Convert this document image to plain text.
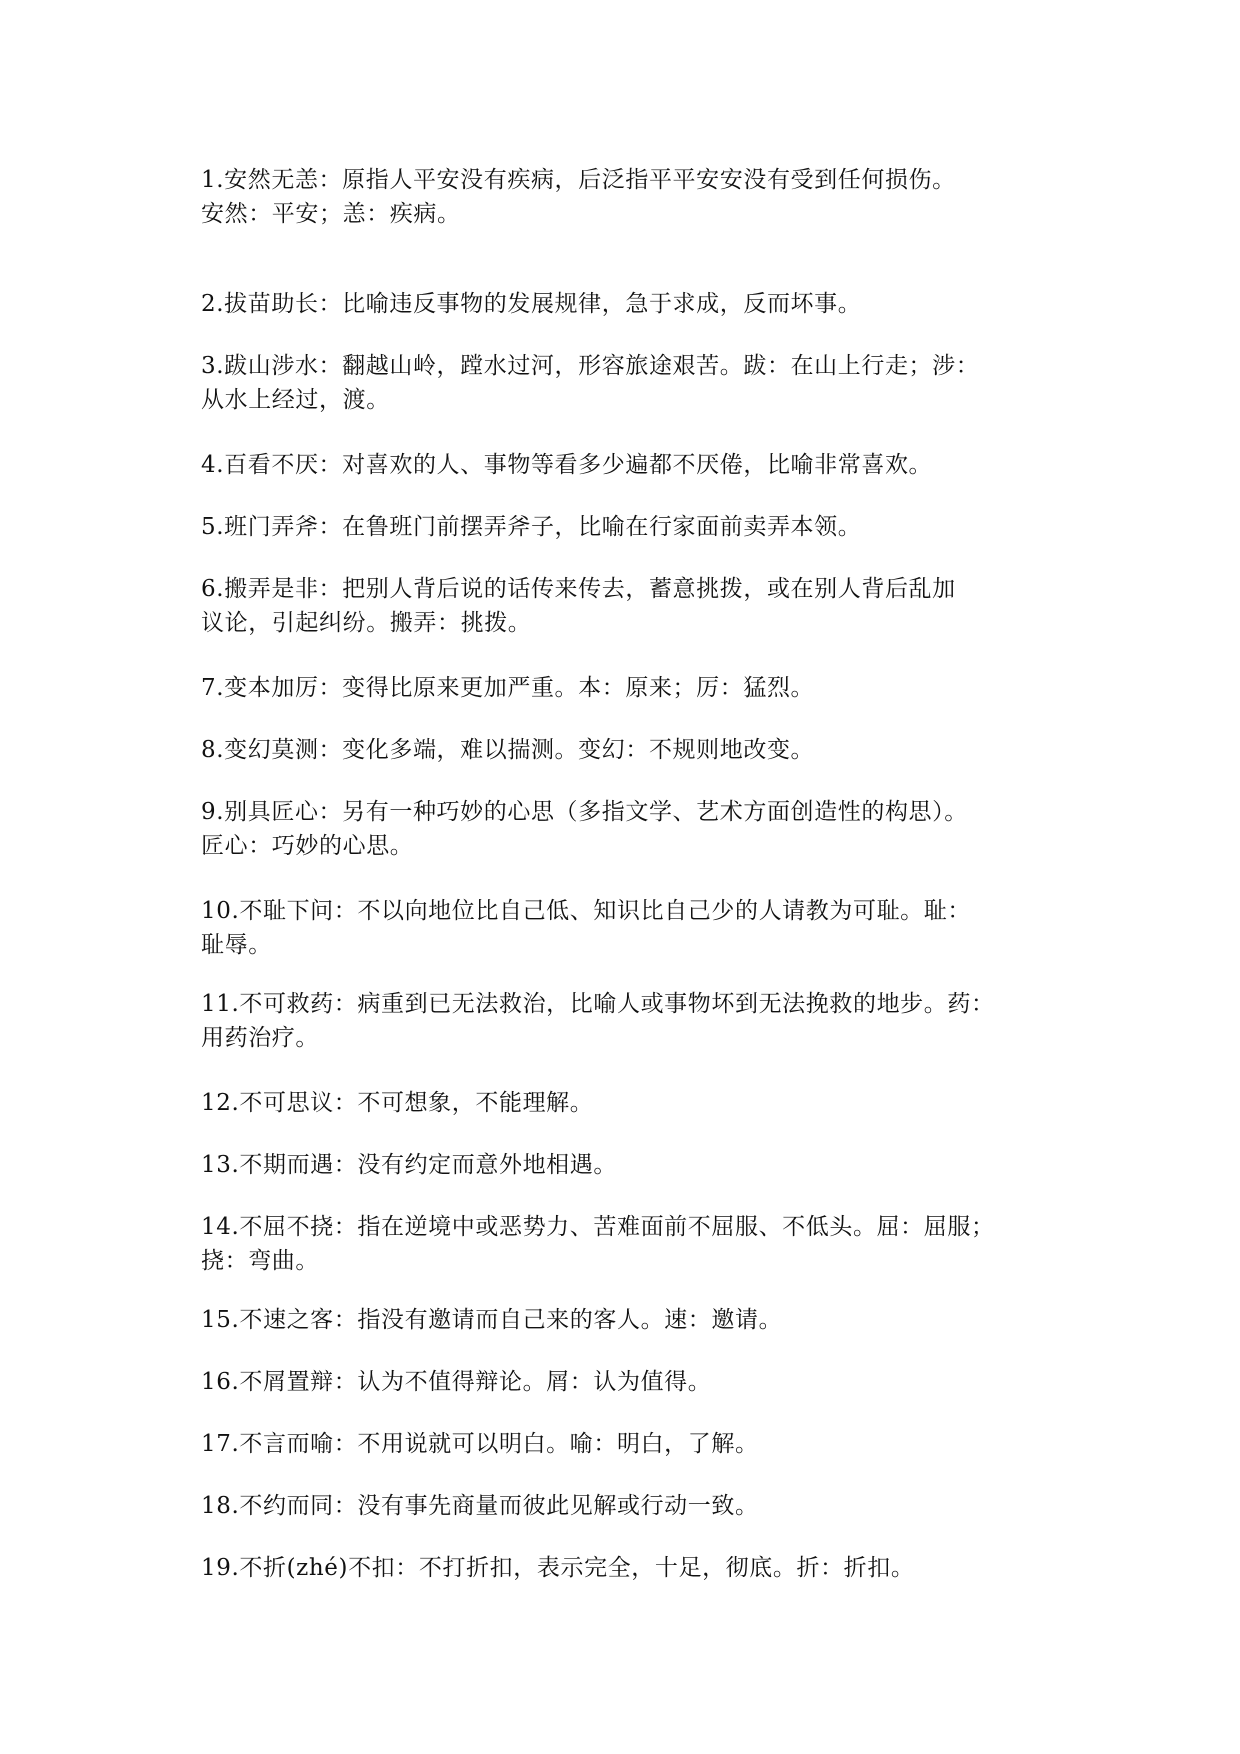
1.安然无恙：原指人平安没有疾病，后泛指平平安安没有受到任何损伤。
安然：平安；恙：疾病。

2.拔苗助长：比喻违反事物的发展规律，急于求成，反而坏事。

3.跋山涉水：翻越山岭，蹚水过河，形容旅途艰苦。跋：在山上行走；涉：
从水上经过，渡。

4.百看不厌：对喜欢的人、事物等看多少遍都不厌倦，比喻非常喜欢。

5.班门弄斧：在鲁班门前摆弄斧子，比喻在行家面前卖弄本领。

6.搬弄是非：把别人背后说的话传来传去，蓄意挑拨，或在别人背后乱加
议论，引起纠纷。搬弄：挑拨。

7.变本加厉：变得比原来更加严重。本：原来；厉：猛烈。

8.变幻莫测：变化多端，难以揣测。变幻：不规则地改变。

9.别具匠心：另有一种巧妙的心思（多指文学、艺术方面创造性的构思）。
匠心：巧妙的心思。

10.不耻下问：不以向地位比自己低、知识比自己少的人请教为可耻。耻：
耻辱。

11.不可救药：病重到已无法救治，比喻人或事物坏到无法挽救的地步。药：
用药治疗。

12.不可思议：不可想象，不能理解。

13.不期而遇：没有约定而意外地相遇。

14.不屈不挠：指在逆境中或恶势力、苦难面前不屈服、不低头。屈：屈服；
挠：弯曲。

15.不速之客：指没有邀请而自己来的客人。速：邀请。

16.不屑置辩：认为不值得辩论。屑：认为值得。

17.不言而喻：不用说就可以明白。喻：明白，了解。

18.不约而同：没有事先商量而彼此见解或行动一致。

19.不折(zhé)不扣：不打折扣，表示完全，十足，彻底。折：折扣。
